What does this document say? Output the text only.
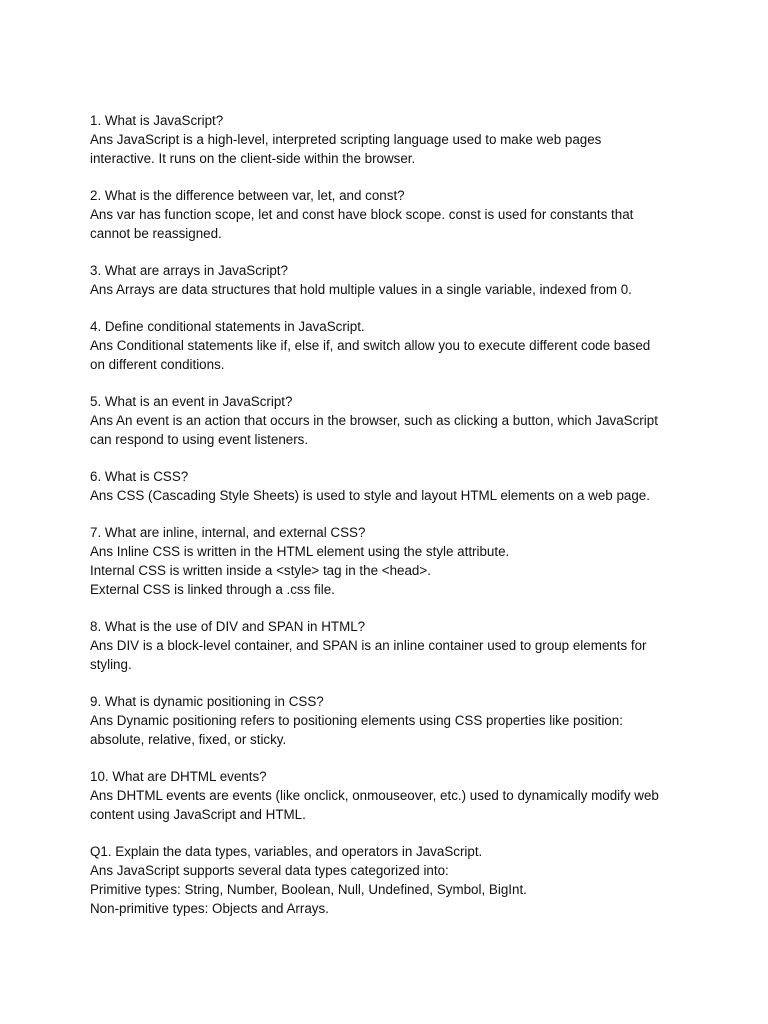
1. What is JavaScript?
Ans JavaScript is a high-level, interpreted scripting language used to make web pages
interactive. It runs on the client-side within the browser.
2. What is the difference between var, let, and const?
Ans var has function scope, let and const have block scope. const is used for constants that
cannot be reassigned.
3. What are arrays in JavaScript?
Ans Arrays are data structures that hold multiple values in a single variable, indexed from 0.
4. Define conditional statements in JavaScript.
Ans Conditional statements like if, else if, and switch allow you to execute different code based
on different conditions.
5. What is an event in JavaScript?
Ans An event is an action that occurs in the browser, such as clicking a button, which JavaScript
can respond to using event listeners.
6. What is CSS?
Ans CSS (Cascading Style Sheets) is used to style and layout HTML elements on a web page.
7. What are inline, internal, and external CSS?
Ans Inline CSS is written in the HTML element using the style attribute.
Internal CSS is written inside a <style> tag in the <head>.
External CSS is linked through a .css file.
8. What is the use of DIV and SPAN in HTML?
Ans DIV is a block-level container, and SPAN is an inline container used to group elements for
styling.
9. What is dynamic positioning in CSS?
Ans Dynamic positioning refers to positioning elements using CSS properties like position:
absolute, relative, fixed, or sticky.
10. What are DHTML events?
Ans DHTML events are events (like onclick, onmouseover, etc.) used to dynamically modify web
content using JavaScript and HTML.
Q1. Explain the data types, variables, and operators in JavaScript.
Ans JavaScript supports several data types categorized into:
Primitive types: String, Number, Boolean, Null, Undefined, Symbol, BigInt.
Non-primitive types: Objects and Arrays.
